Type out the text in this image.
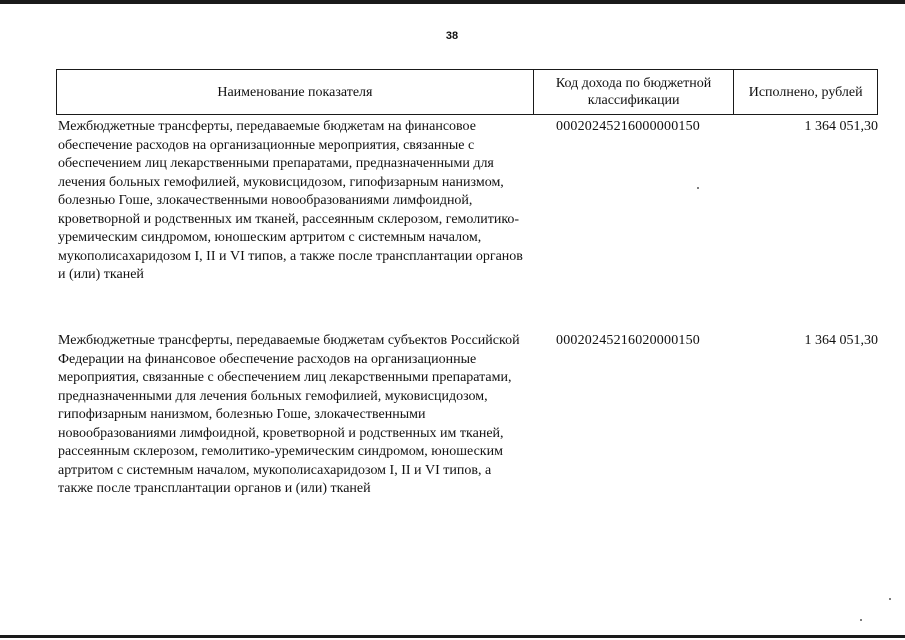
38
Наименование показателя
Код дохода по бюджетной классификации
Исполнено, рублей
Межбюджетные трансферты, передаваемые бюджетам на финансовое обеспечение расходов на организационные мероприятия, связанные с обеспечением лиц лекарственными препаратами, предназначенными для лечения больных гемофилией, муковисцидозом, гипофизарным нанизмом, болезнью Гоше, злокачественными новообразованиями лимфоидной, кроветворной и родственных им тканей, рассеянным склерозом, гемолитико-уремическим синдромом, юношеским артритом с системным началом, мукополисахаридозом I, II и VI типов, а также после трансплантации органов и (или) тканей
00020245216000000150	1 364 051,30
Межбюджетные трансферты, передаваемые бюджетам субъектов Российской Федерации на финансовое обеспечение расходов на организационные мероприятия, связанные с обеспечением лиц лекарственными препаратами, предназначенными для лечения больных гемофилией, муковисцидозом, гипофизарным нанизмом, болезнью Гоше, злокачественными новообразованиями лимфоидной, кроветворной и родственных им тканей, рассеянным склерозом, гемолитико-уремическим синдромом, юношеским артритом с системным началом, мукополисахаридозом I, II и VI типов, а также после трансплантации органов и (или) тканей
00020245216020000150	1 364 051,30
